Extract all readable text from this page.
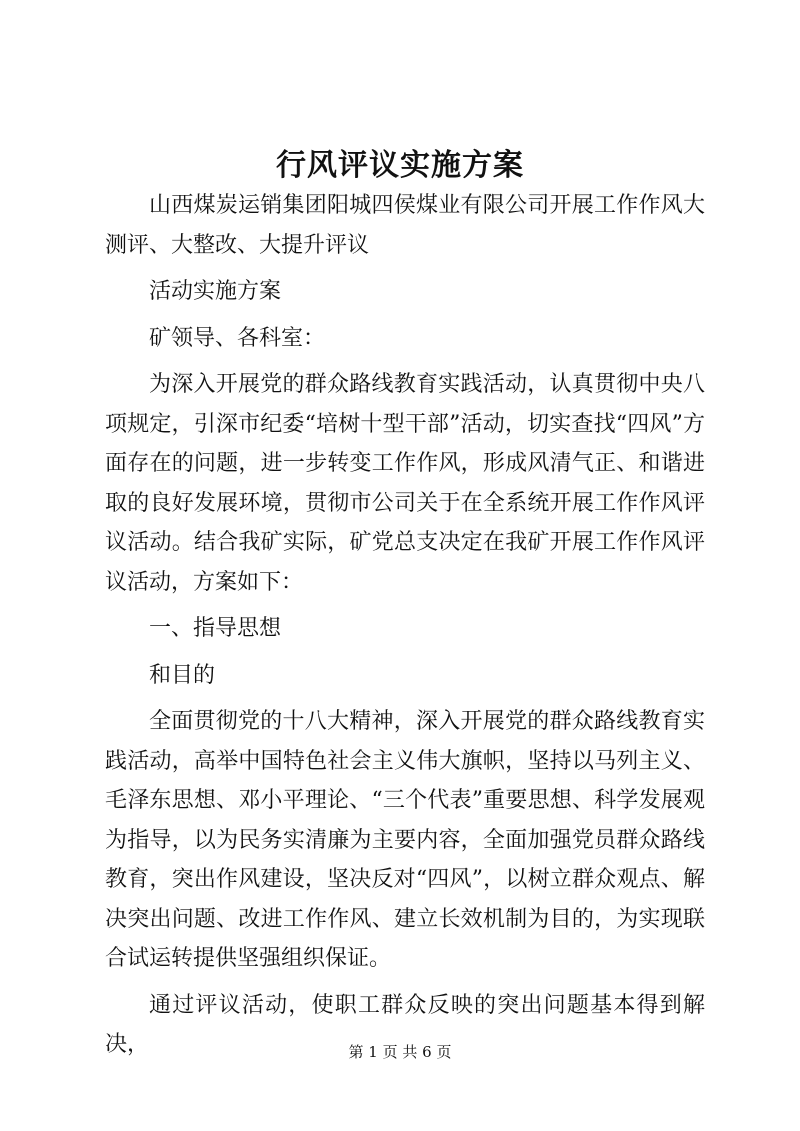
行风评议实施方案

山西煤炭运销集团阳城四侯煤业有限公司开展工作作风大测评、大整改、大提升评议

活动实施方案

矿领导、各科室：

为深入开展党的群众路线教育实践活动，认真贯彻中央八项规定，引深市纪委“培树十型干部”活动，切实查找“四风”方面存在的问题，进一步转变工作作风，形成风清气正、和谐进取的良好发展环境，贯彻市公司关于在全系统开展工作作风评议活动。结合我矿实际，矿党总支决定在我矿开展工作作风评议活动，方案如下：

一、指导思想

和目的

全面贯彻党的十八大精神，深入开展党的群众路线教育实践活动，高举中国特色社会主义伟大旗帜，坚持以马列主义、毛泽东思想、邓小平理论、“三个代表”重要思想、科学发展观为指导，以为民务实清廉为主要内容，全面加强党员群众路线教育，突出作风建设，坚决反对“四风”，以树立群众观点、解决突出问题、改进工作作风、建立长效机制为目的，为实现联合试运转提供坚强组织保证。

通过评议活动，使职工群众反映的突出问题基本得到解决，	第 1 页 共 6 页
